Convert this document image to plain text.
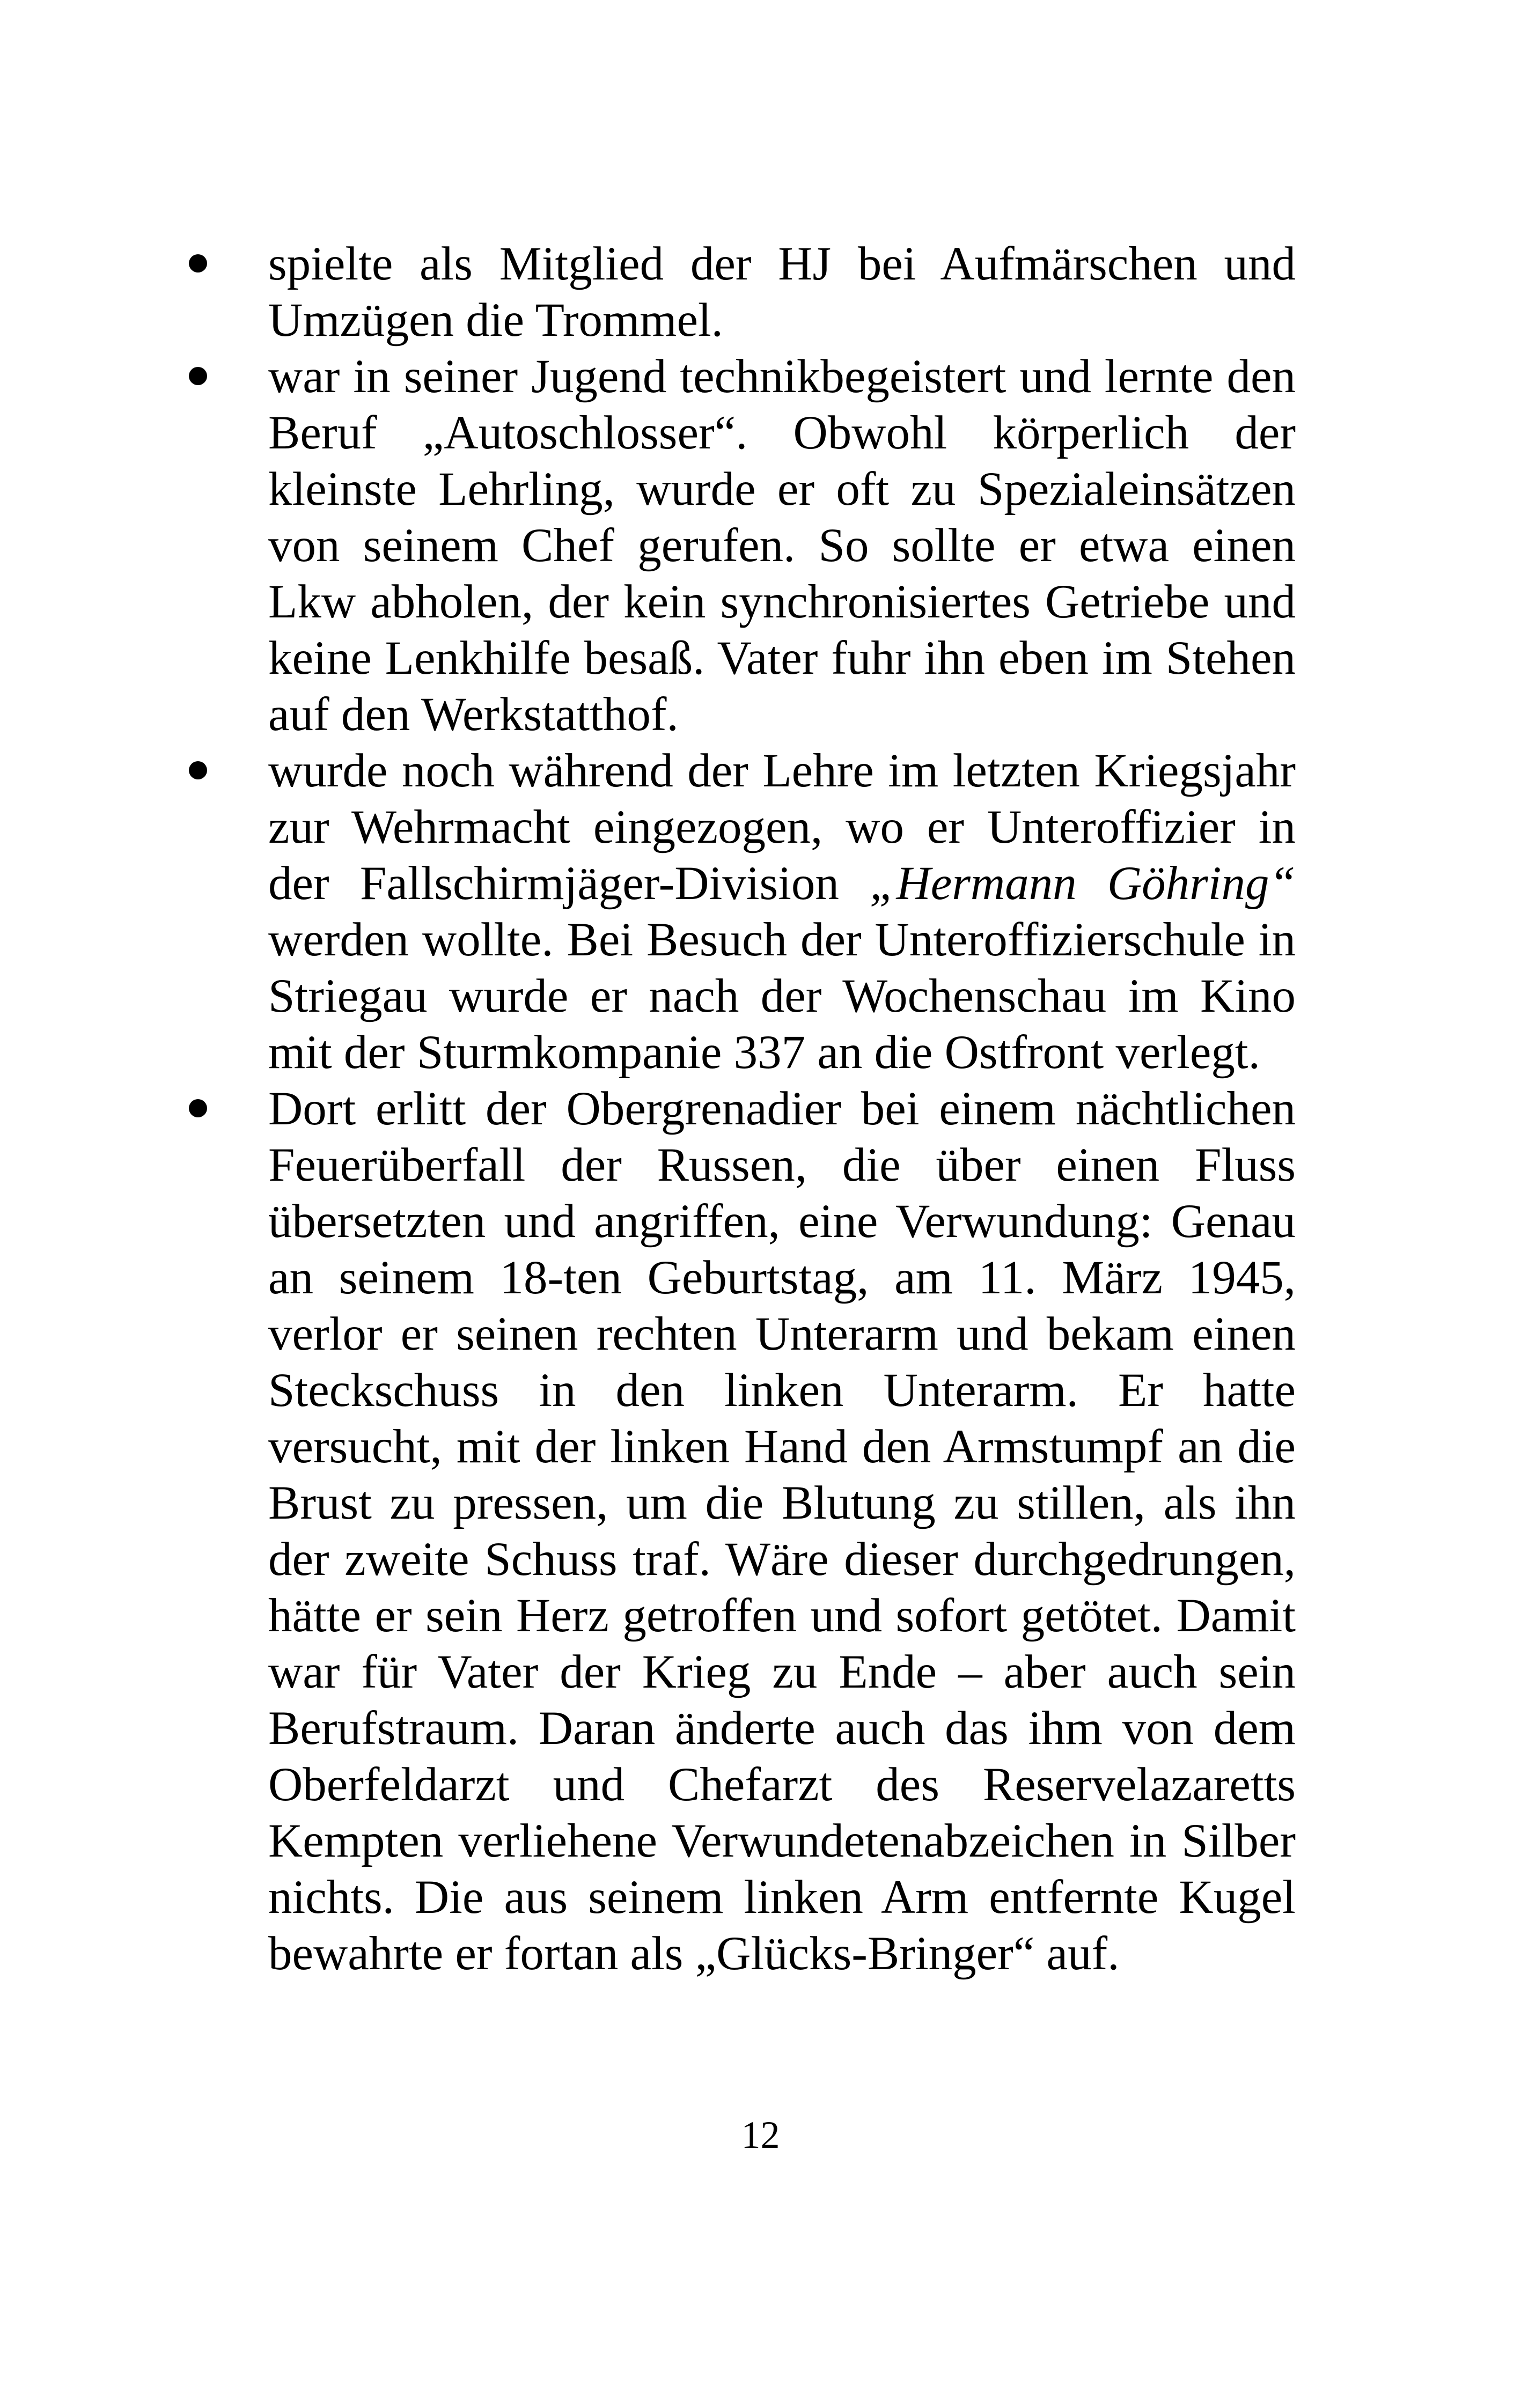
spielte als Mitglied der HJ bei Aufmärschen und Umzügen die Trommel.
war in seiner Jugend technikbegeistert und lernte den Beruf „Autoschlosser“. Obwohl körperlich der kleinste Lehrling, wurde er oft zu Spezialeinsätzen von seinem Chef gerufen. So sollte er etwa einen Lkw abholen, der kein synchronisiertes Getriebe und keine Lenkhilfe besaß. Vater fuhr ihn eben im Stehen auf den Werkstatthof.
wurde noch während der Lehre im letzten Kriegsjahr zur Wehrmacht eingezogen, wo er Unteroffizier in der Fallschirmjäger-Division „Hermann Göhring“ werden wollte. Bei Besuch der Unteroffizierschule in Striegau wurde er nach der Wochenschau im Kino mit der Sturmkompanie 337 an die Ostfront verlegt.
Dort erlitt der Obergrenadier bei einem nächtlichen Feuerüberfall der Russen, die über einen Fluss übersetzten und angriffen, eine Verwundung: Genau an seinem 18-ten Geburtstag, am 11. März 1945, verlor er seinen rechten Unterarm und bekam einen Steckschuss in den linken Unterarm. Er hatte versucht, mit der linken Hand den Armstumpf an die Brust zu pressen, um die Blutung zu stillen, als ihn der zweite Schuss traf. Wäre dieser durchgedrungen, hätte er sein Herz getroffen und sofort getötet. Damit war für Vater der Krieg zu Ende – aber auch sein Berufstraum. Daran änderte auch das ihm von dem Oberfeldarzt und Chefarzt des Reservelazaretts Kempten verliehene Verwundetenabzeichen in Silber nichts. Die aus seinem linken Arm entfernte Kugel bewahrte er fortan als „Glücks-Bringer“ auf.
12
